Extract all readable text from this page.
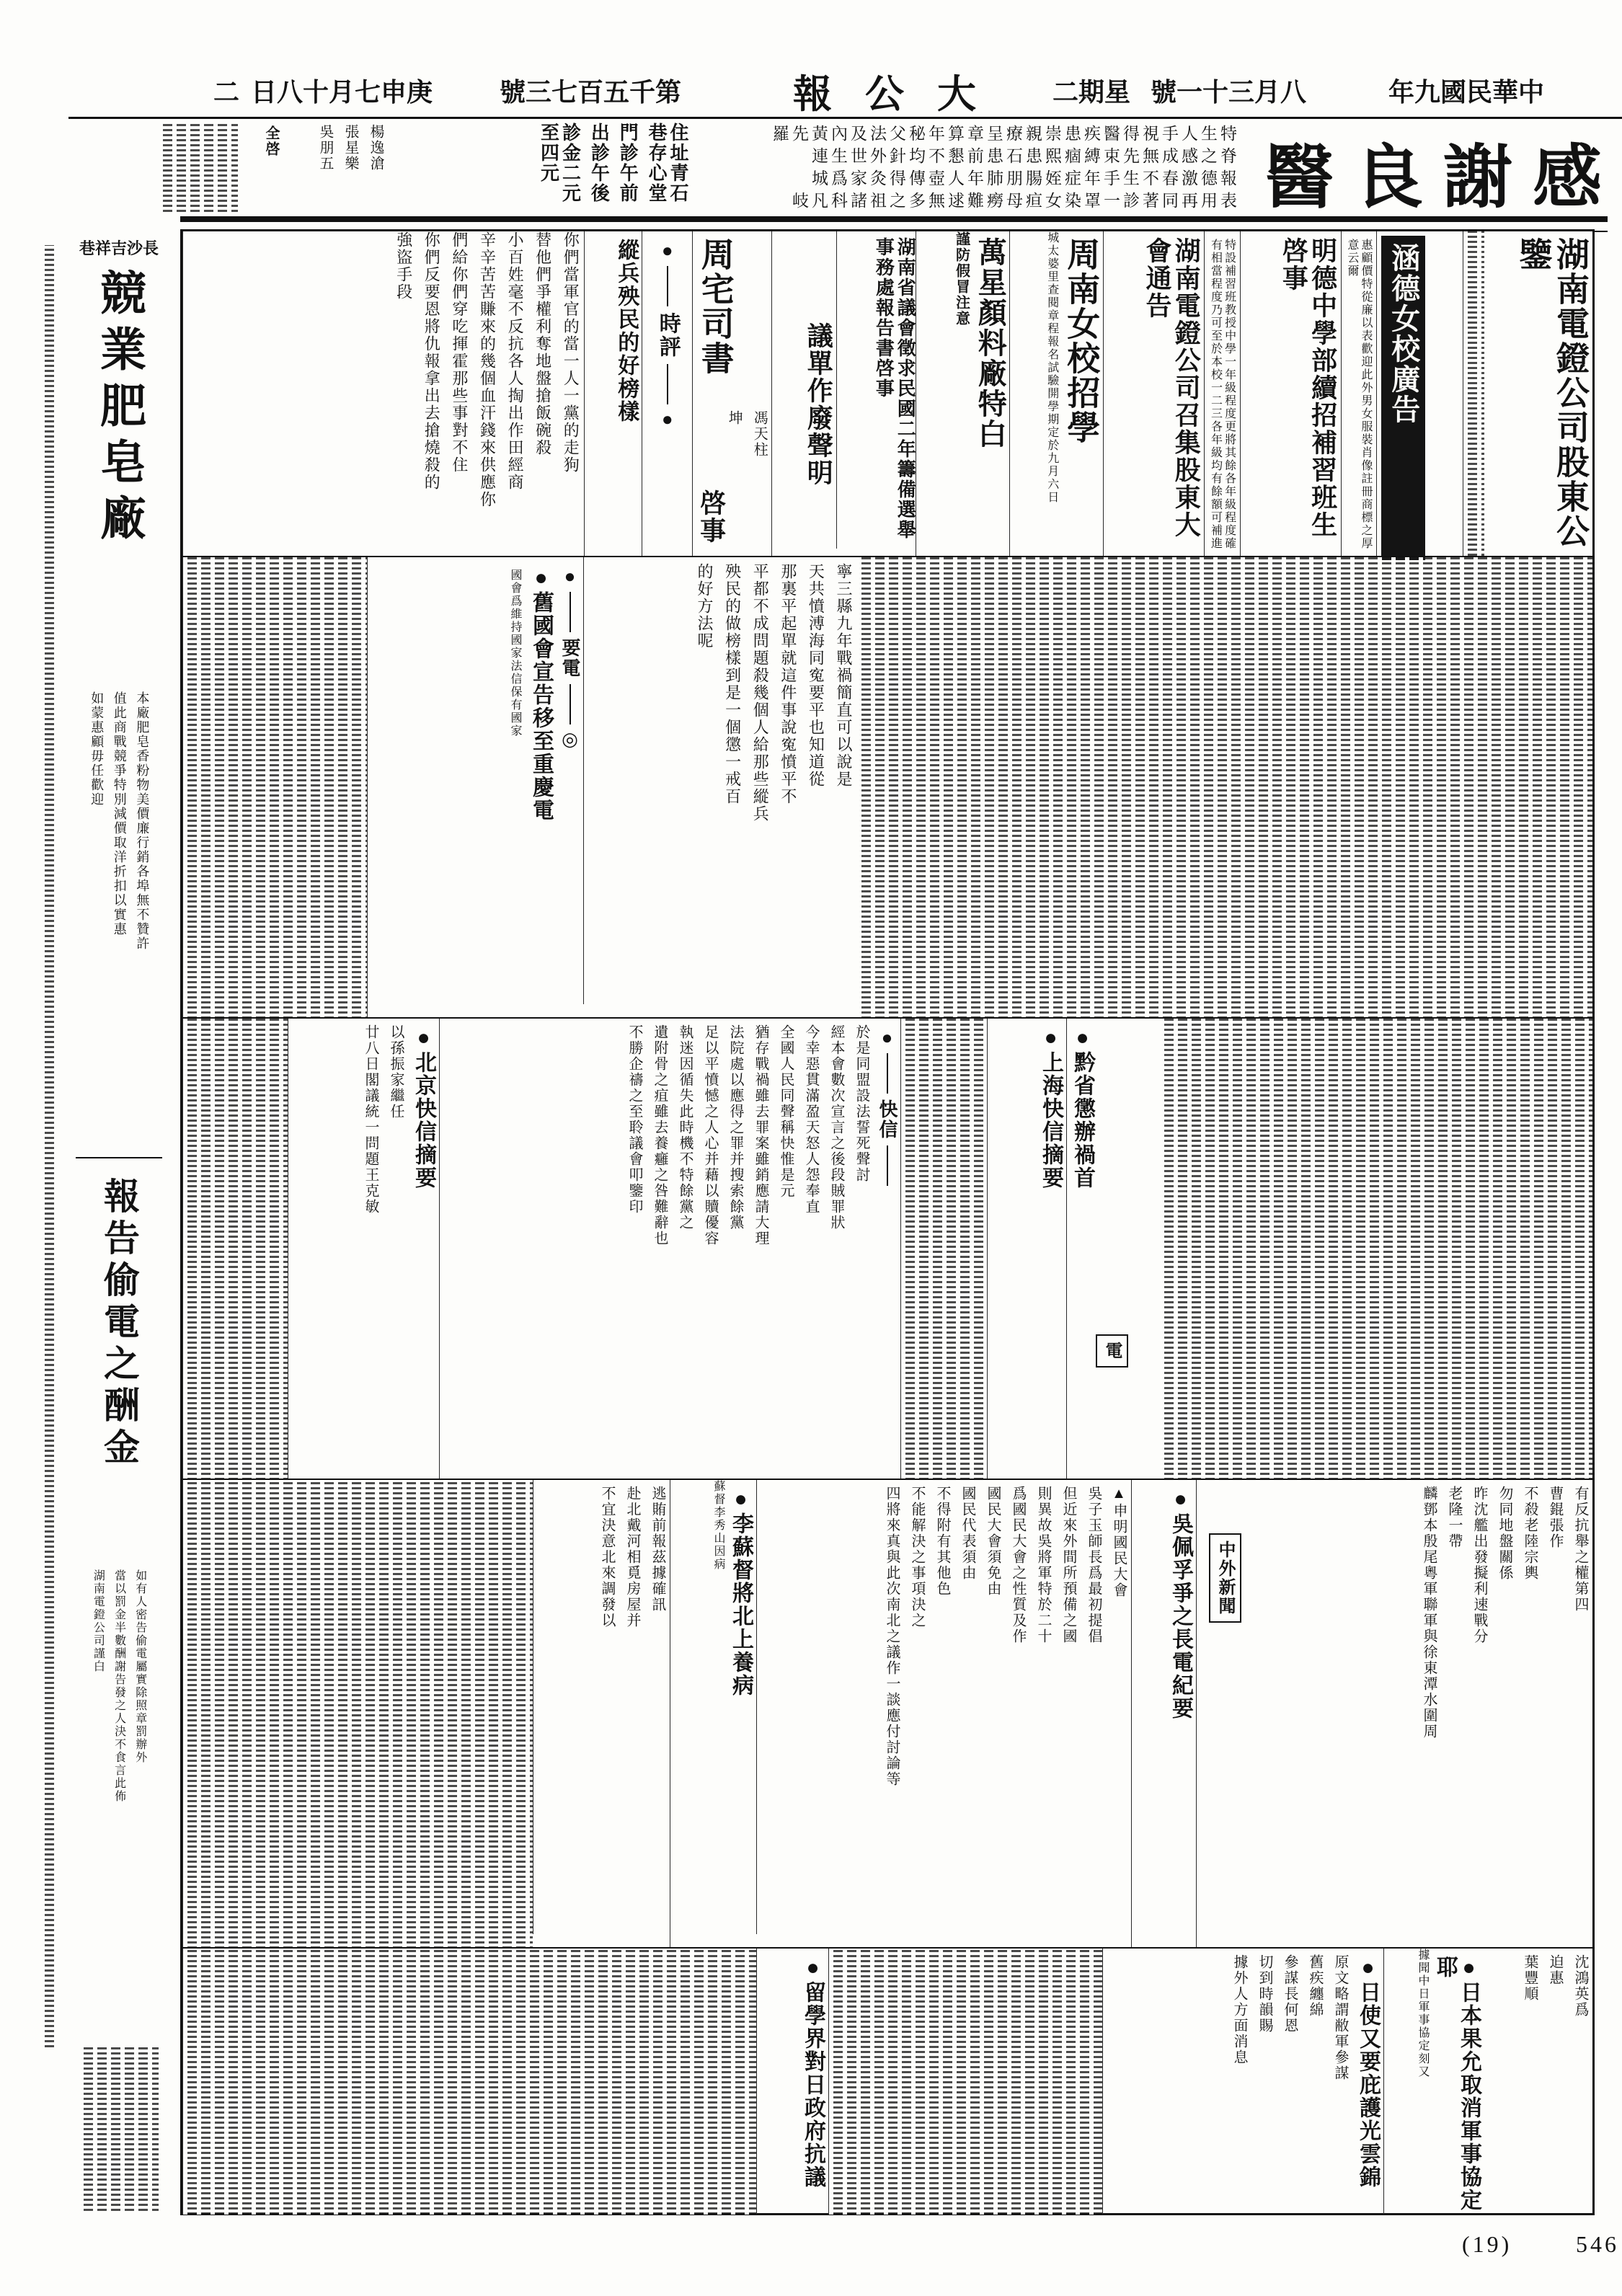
中華民國九年
八月三十一號
星期二
大公報
第千五百七三號
庚申七月十八日
二
感謝良醫
特生人手視得醫疾患崇親療呈章算年秘父法及內黃先羅
脊之感成無先束縛痼熙患石患前懇不均針外世生連
報德激春不生手年症姪腸朋肺年人壺傳得灸家爲城
表用再同著診一罩染女疸母癆難逑無多之祖諸科凡岐
住址青石巷存心堂
門診午前
出診午後
診金二元至四元
楊逸滄
張星樂
吳朋五
全啓
長沙吉祥巷
競業肥皂廠
本廠肥皂香粉物美價廉行銷各埠無不贊許
值此商戰競爭特別減價取洋折扣以實惠
如蒙惠顧毋任歡迎
報告偷電之酬金
如有人密告偷電屬實除照章罰辦外
當以罰金半數酬謝告發之人決不食言此佈
湖南電鐙公司謹白
湖南電鐙公司股東公鑒
涵德女校廣告
惠顧價特從廉以表歡迎此外男女服裝肖像註冊商標之厚意云爾
明德中學部續招補習班生啓事
特設補習班教授中學一年級程度更將其餘各年級程度確有相當程度乃可至於本校一二三各年級均有餘額可補進
湖南電鐙公司召集股東大會通告
周南女校招學
城太婆里查閱章程報名試驗開學期定於九月六日
萬星顏料廠特白
謹防假冒
注意
湖南省議會徵求民國二年籌備選舉事務處報告書啓事
議單作廢聲明
周宅司書
馮天柱
坤
啓事
●
時評
●
縱兵殃民的好榜樣
你們當軍官的當一人一黨的走狗
替他們爭權利奪地盤搶飯碗殺
小百姓毫不反抗各人掏出作田經商
辛辛苦苦賺來的幾個血汗錢來供應你
們給你們穿吃揮霍那些事對不住
你們反要恩將仇報拿出去搶燒殺的
強盜手段
寧三縣九年戰禍簡直可以說是
天共憤溥海同寃要平也知道從
那裏平起單就這件事說寃憤平不
平都不成問題殺幾個人給那些縱兵
殃民的做榜樣到是一個懲一戒百
的好方法呢
●
要電
◎
●舊國會宣告移至重慶電
國會爲維持國家法信保有國家
●黔省懲辦禍首
電
●上海快信摘要
●
快信
於是同盟設法誓死聲討
經本會數次宣言之後段賊罪狀
今幸惡貫滿盈天怒人怨奉直
全國人民同聲稱快惟是元
猶存戰禍雖去罪案雖銷應請大理
法院處以應得之罪并搜索餘黨
足以平憤憾之人心并藉以贖優容
執迷因循失此時機不特餘黨之
遺附骨之疽雖去養癰之咎難辭也
不勝企禱之至聆議會叩鑒印
●北京快信摘要
以孫振家繼任
廿八日閣議統一問題王克敏
有反抗舉之權第四
曹錕張作
不殺老陸宗輿
勿同地盤關係
昨沈艦出發擬利速戰分
老隆一帶
麟鄧本殷尾粵軍聯軍與徐東潭水圍周
中外新聞
●吳佩孚爭之長電紀要
▲申明國民大會
吳子玉師長爲最初提倡
但近來外間所預備之國
則異故吳將軍特於二十
爲國民大會之性質及作
國民大會須免由
國民代表須由
不得附有其他色
不能解決之事項決之
四將來真與此次南北之議作一談應付討論等
●李蘇督將北上養病
蘇督李秀山因病
逃賄前報茲據確訊
赴北戴河相覓房屋并
不宜決意北來調發以
沈鴻英爲
迫惠
葉豐順
●日本果允取消軍事協定耶
據聞中日軍事協定刻又
●日使又要庇護光雲錦
原文略謂敝軍參謀
舊疾纏綿
參謀長何恩
切到時韻賜
據外人方面消息
●留學界對日政府抗議
(19)	546
